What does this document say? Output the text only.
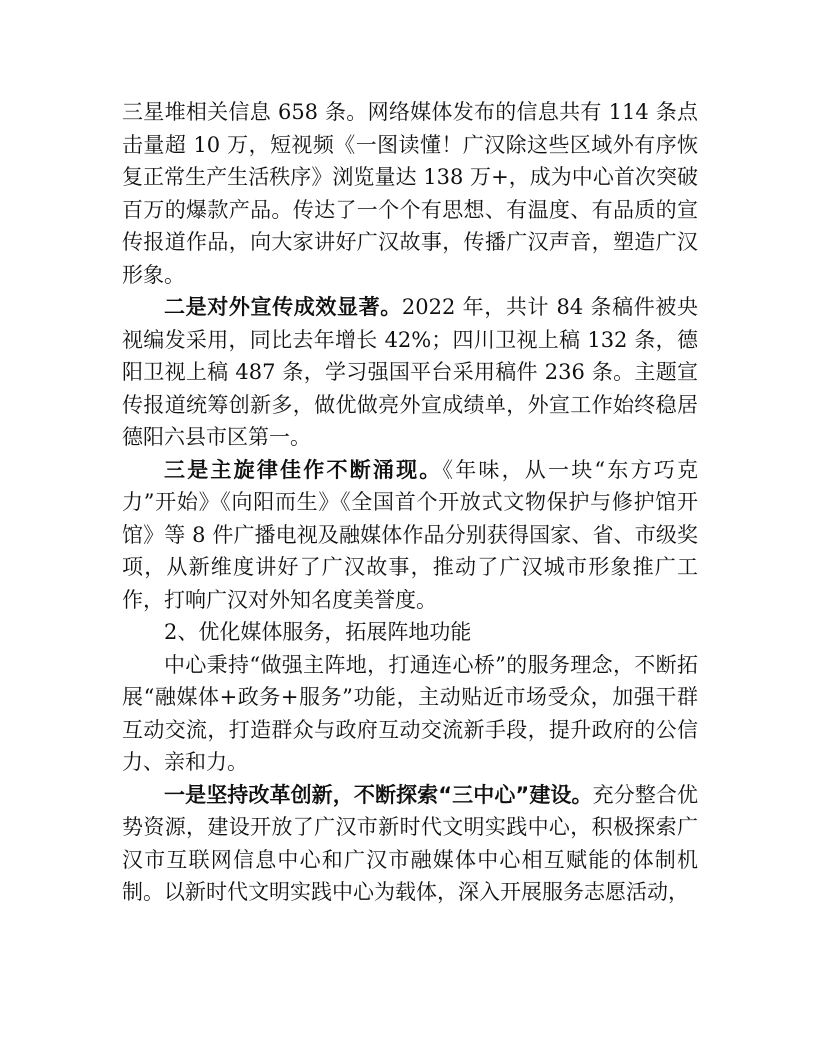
三星堆相关信息 658 条。网络媒体发布的信息共有 114 条点击量超 10 万，短视频《一图读懂！广汉除这些区域外有序恢复正常生产生活秩序》浏览量达 138 万+，成为中心首次突破百万的爆款产品。传达了一个个有思想、有温度、有品质的宣传报道作品，向大家讲好广汉故事，传播广汉声音，塑造广汉形象。

二是对外宣传成效显著。2022 年，共计 84 条稿件被央视编发采用，同比去年增长 42%；四川卫视上稿 132 条，德阳卫视上稿 487 条，学习强国平台采用稿件 236 条。主题宣传报道统筹创新多，做优做亮外宣成绩单，外宣工作始终稳居德阳六县市区第一。

三是主旋律佳作不断涌现。《年味，从一块“东方巧克力”开始》《向阳而生》《全国首个开放式文物保护与修护馆开馆》等 8 件广播电视及融媒体作品分别获得国家、省、市级奖项，从新维度讲好了广汉故事，推动了广汉城市形象推广工作，打响广汉对外知名度美誉度。

2、优化媒体服务，拓展阵地功能

中心秉持“做强主阵地，打通连心桥”的服务理念，不断拓展“融媒体+政务+服务”功能，主动贴近市场受众，加强干群互动交流，打造群众与政府互动交流新手段，提升政府的公信力、亲和力。

一是坚持改革创新，不断探索“三中心”建设。充分整合优势资源，建设开放了广汉市新时代文明实践中心，积极探索广汉市互联网信息中心和广汉市融媒体中心相互赋能的体制机制。以新时代文明实践中心为载体，深入开展服务志愿活动，
